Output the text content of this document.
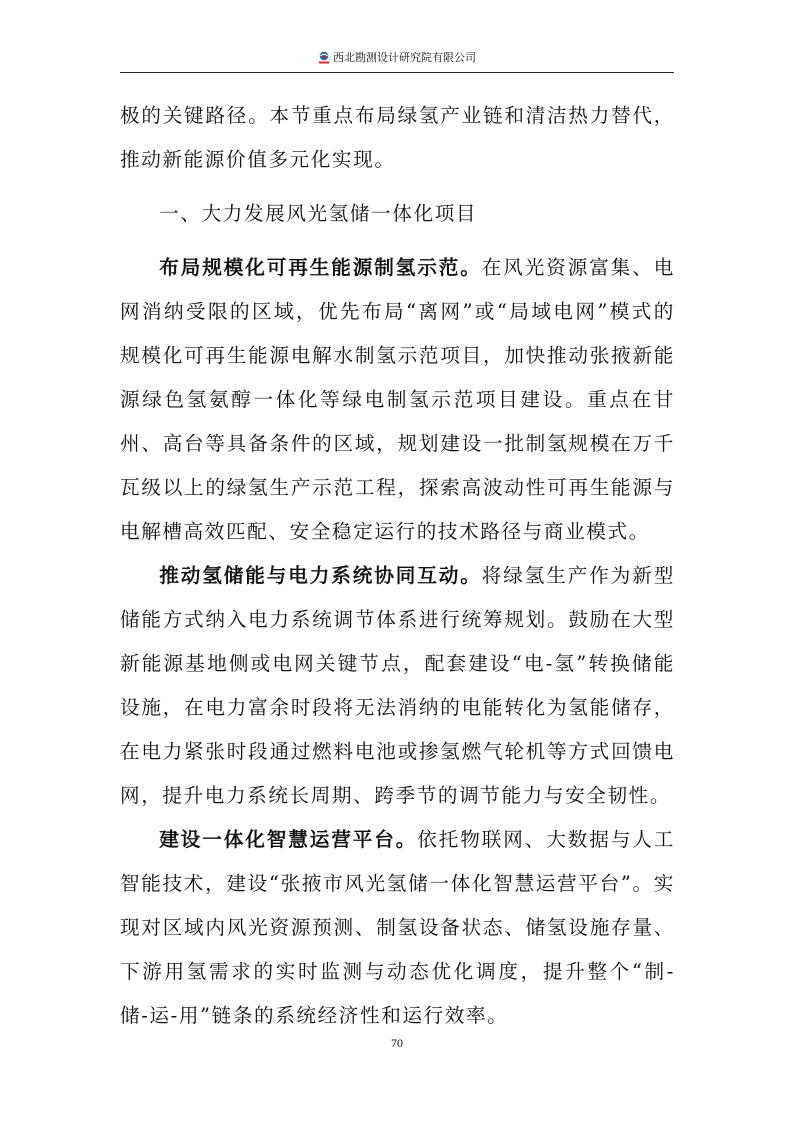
西北勘测设计研究院有限公司

极的关键路径。本节重点布局绿氢产业链和清洁热力替代，推动新能源价值多元化实现。

一、大力发展风光氢储一体化项目

布局规模化可再生能源制氢示范。在风光资源富集、电网消纳受限的区域，优先布局“离网”或“局域电网”模式的规模化可再生能源电解水制氢示范项目，加快推动张掖新能源绿色氢氨醇一体化等绿电制氢示范项目建设。重点在甘州、高台等具备条件的区域，规划建设一批制氢规模在万千瓦级以上的绿氢生产示范工程，探索高波动性可再生能源与电解槽高效匹配、安全稳定运行的技术路径与商业模式。

推动氢储能与电力系统协同互动。将绿氢生产作为新型储能方式纳入电力系统调节体系进行统筹规划。鼓励在大型新能源基地侧或电网关键节点，配套建设“电-氢”转换储能设施，在电力富余时段将无法消纳的电能转化为氢能储存，在电力紧张时段通过燃料电池或掺氢燃气轮机等方式回馈电网，提升电力系统长周期、跨季节的调节能力与安全韧性。

建设一体化智慧运营平台。依托物联网、大数据与人工智能技术，建设“张掖市风光氢储一体化智慧运营平台”。实现对区域内风光资源预测、制氢设备状态、储氢设施存量、下游用氢需求的实时监测与动态优化调度，提升整个“制-储-运-用”链条的系统经济性和运行效率。

70
